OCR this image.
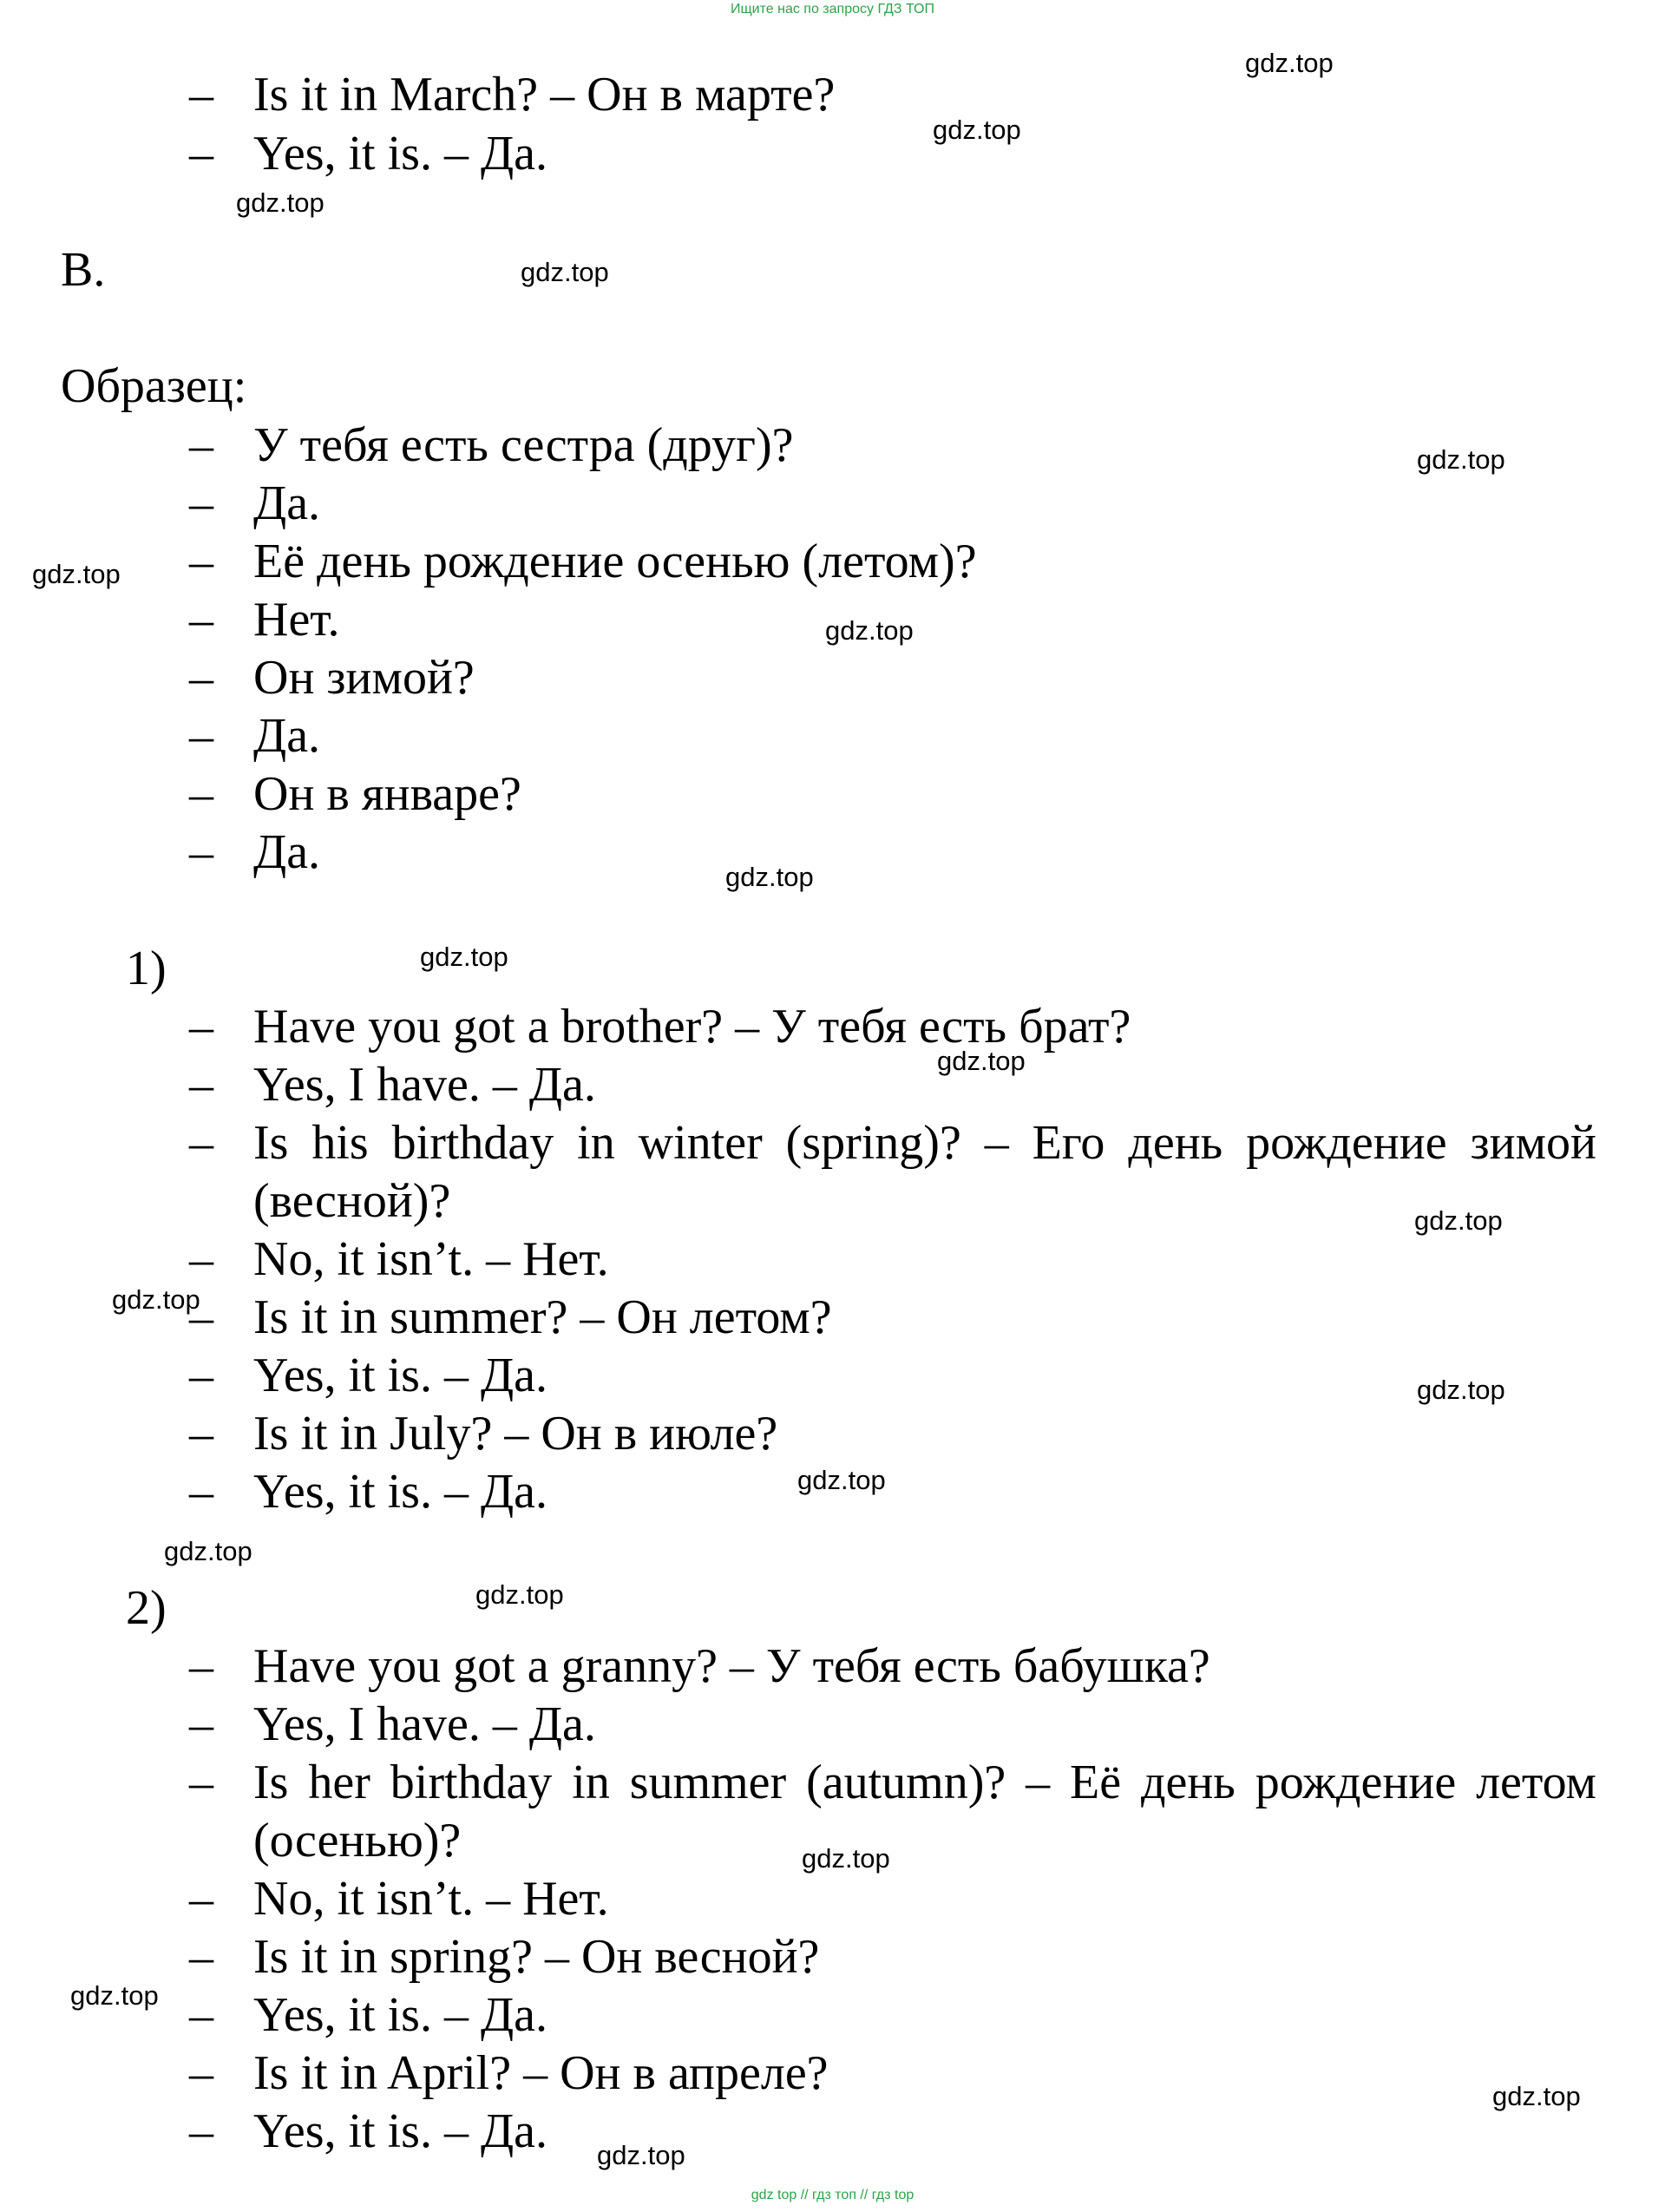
Ищите нас по запросу ГДЗ ТОП
– Is it in March? – Он в марте?
– Yes, it is. – Да.
B.
Образец:
– У тебя есть сестра (друг)?
– Да.
– Её день рождение осенью (летом)?
– Нет.
– Он зимой?
– Да.
– Он в январе?
– Да.
1)
– Have you got a brother? – У тебя есть брат?
– Yes, I have. – Да.
– Is his birthday in winter (spring)? – Его день рождение зимой
(весной)?
– No, it isn’t. – Нет.
– Is it in summer? – Он летом?
– Yes, it is. – Да.
– Is it in July? – Он в июле?
– Yes, it is. – Да.
2)
– Have you got a granny? – У тебя есть бабушка?
– Yes, I have. – Да.
– Is her birthday in summer (autumn)? – Её день рождение летом
(осенью)?
– No, it isn’t. – Нет.
– Is it in spring? – Он весной?
– Yes, it is. – Да.
– Is it in April? – Он в апреле?
– Yes, it is. – Да.
gdz.top
gdz.top
gdz.top
gdz.top
gdz.top
gdz.top
gdz.top
gdz.top
gdz.top
gdz.top
gdz.top
gdz.top
gdz.top
gdz.top
gdz.top
gdz.top
gdz.top
gdz.top
gdz.top
gdz.top
gdz top // гдз топ // гдз top
